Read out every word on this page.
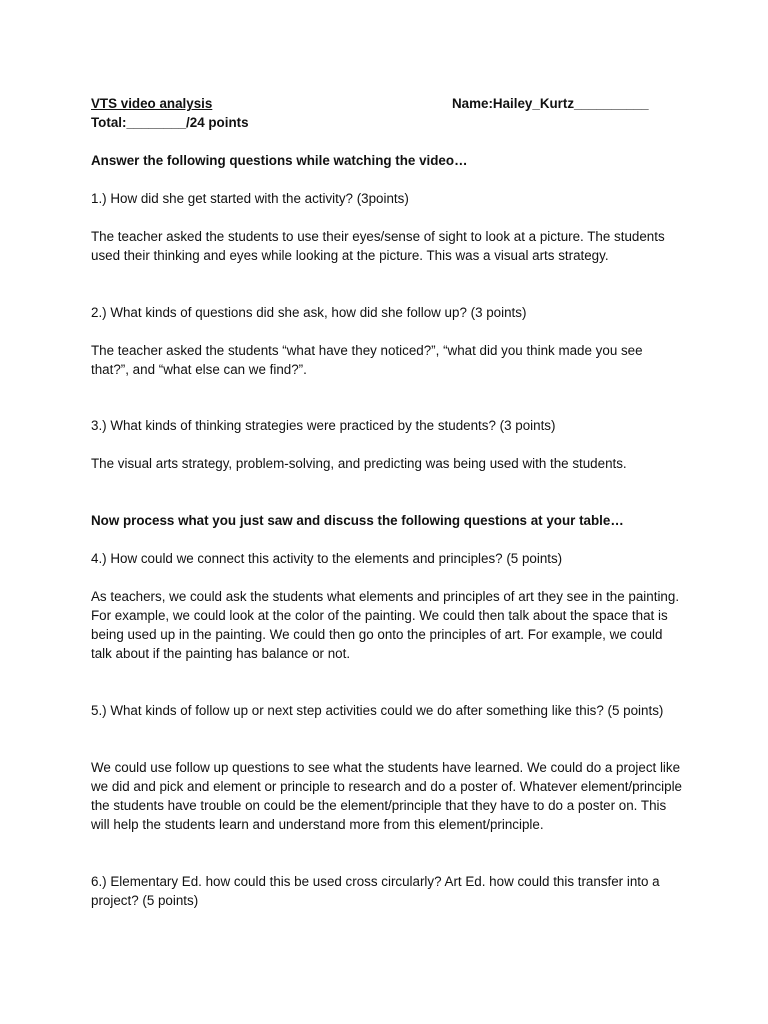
VTS video analysis	Name:Hailey_Kurtz__________
Total:________/24 points
Answer the following questions while watching the video…
1.) How did she get started with the activity? (3points)

The teacher asked the students to use their eyes/sense of sight to look at a picture. The students used their thinking and eyes while looking at the picture. This was a visual arts strategy.

2.) What kinds of questions did she ask, how did she follow up? (3 points)

The teacher asked the students “what have they noticed?”, “what did you think made you see that?”, and “what else can we find?”.

3.) What kinds of thinking strategies were practiced by the students? (3 points)

The visual arts strategy, problem-solving, and predicting was being used with the students.

Now process what you just saw and discuss the following questions at your table…
4.) How could we connect this activity to the elements and principles? (5 points)

As teachers, we could ask the students what elements and principles of art they see in the painting. For example, we could look at the color of the painting. We could then talk about the space that is being used up in the painting. We could then go onto the principles of art. For example, we could talk about if the painting has balance or not.

5.) What kinds of follow up or next step activities could we do after something like this? (5 points)

We could use follow up questions to see what the students have learned. We could do a project like we did and pick and element or principle to research and do a poster of. Whatever element/principle the students have trouble on could be the element/principle that they have to do a poster on. This will help the students learn and understand more from this element/principle.

6.) Elementary Ed. how could this be used cross circularly? Art Ed. how could this transfer into a project? (5 points)
